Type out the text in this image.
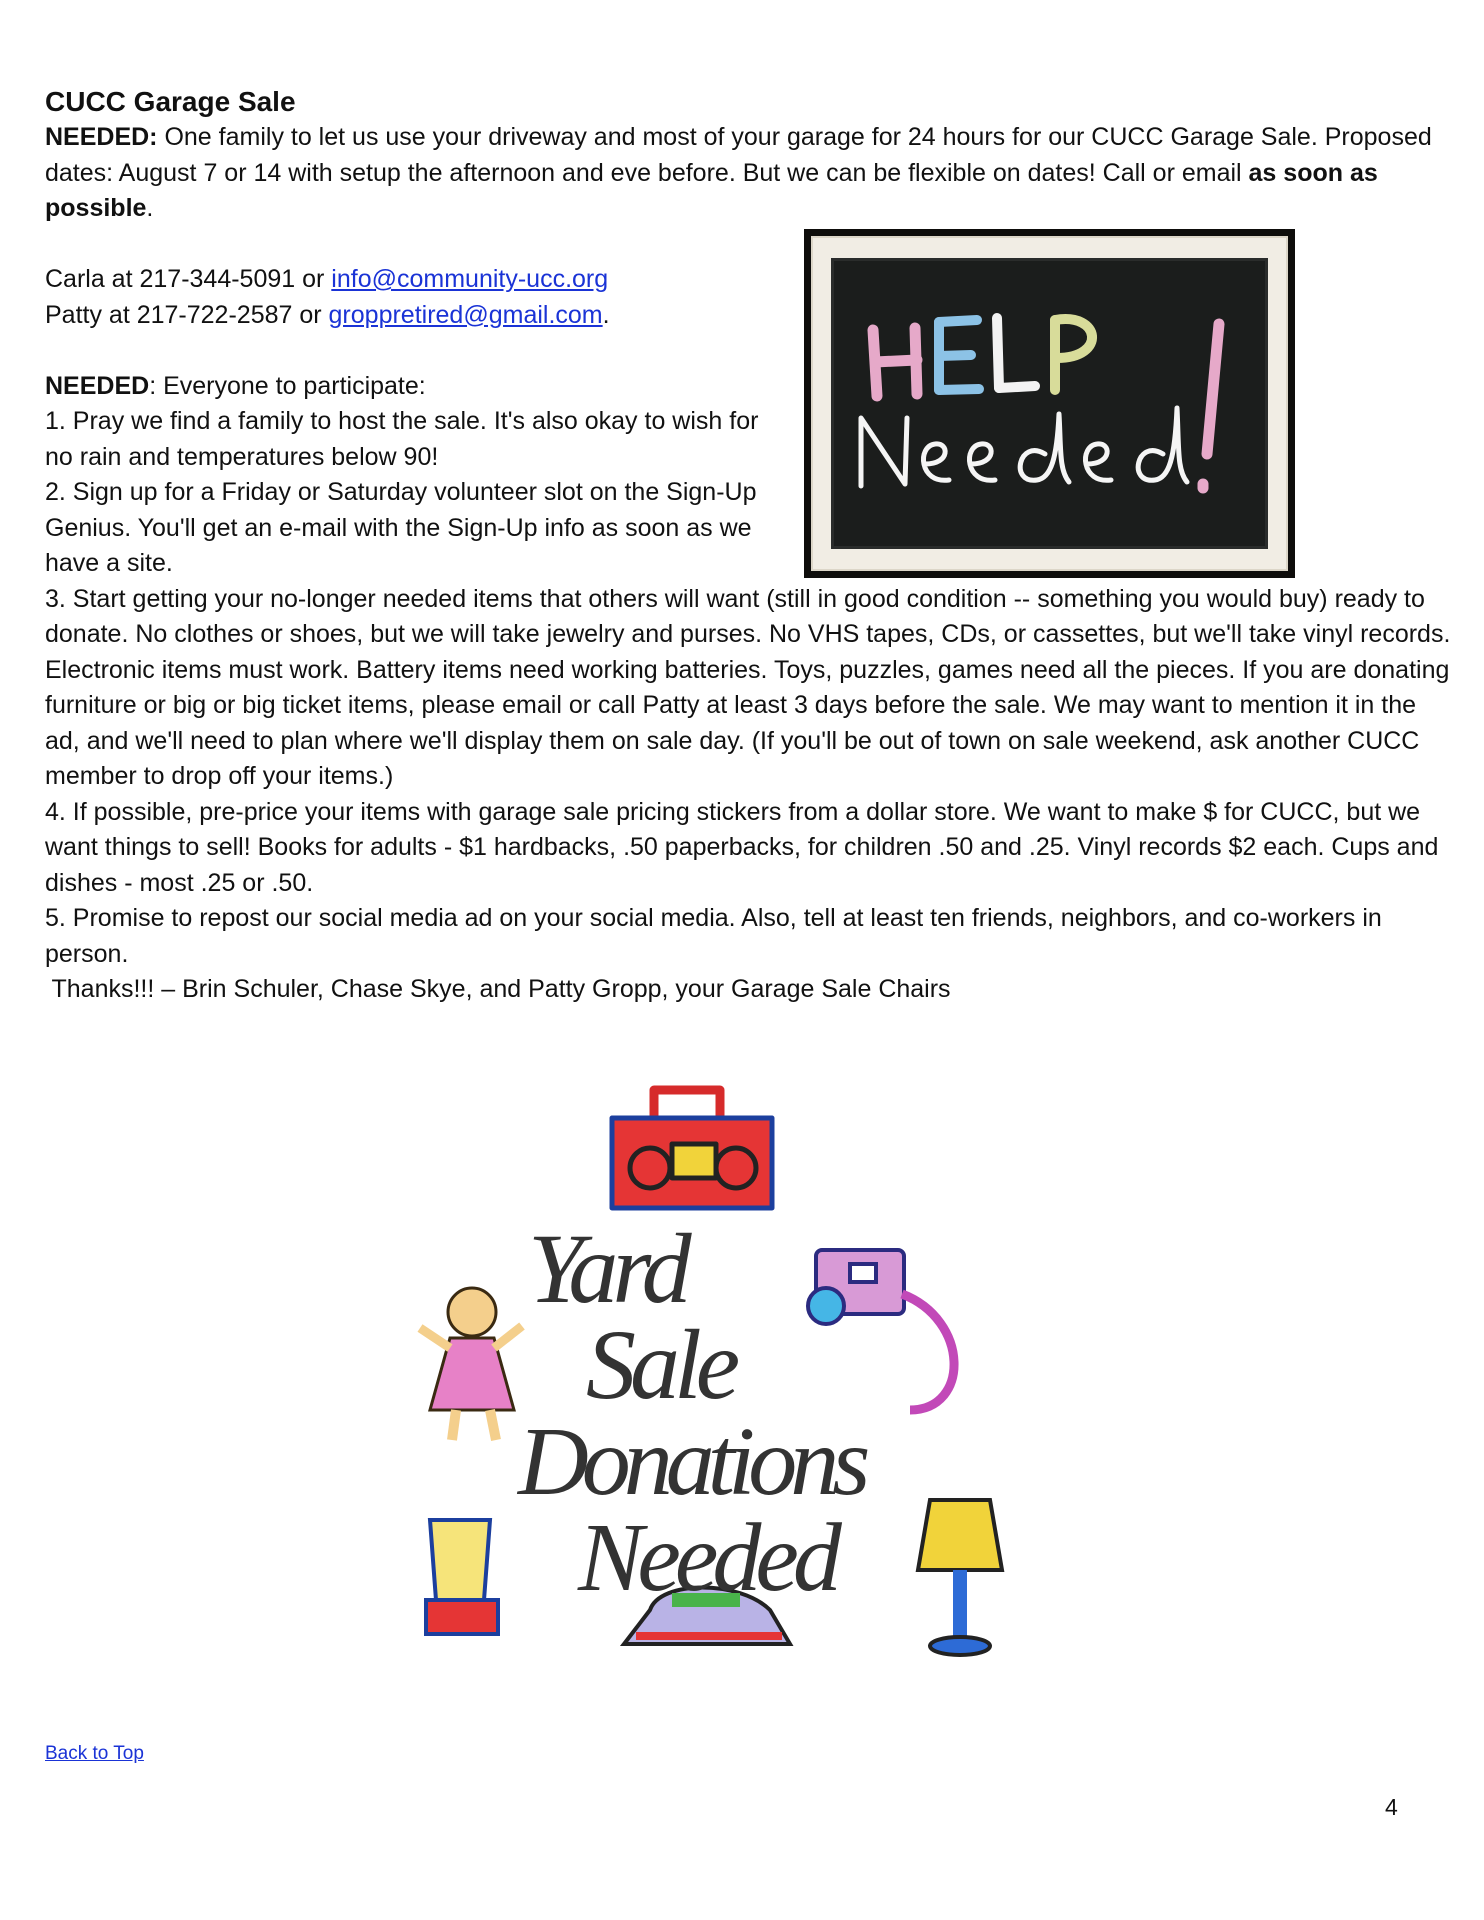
CUCC Garage Sale

NEEDED: One family to let us use your driveway and most of your garage for 24 hours for our CUCC Garage Sale. Proposed dates: August 7 or 14 with setup the afternoon and eve before. But we can be flexible on dates! Call or email as soon as possible.

Carla at 217-344-5091 or info@community-ucc.org

Patty at 217-722-2587 or groppretired@gmail.com.

NEEDED: Everyone to participate:

1. Pray we find a family to host the sale. It's also okay to wish for no rain and temperatures below 90!

2. Sign up for a Friday or Saturday volunteer slot on the Sign-Up Genius. You'll get an e-mail with the Sign-Up info as soon as we have a site.

3. Start getting your no-longer needed items that others will want (still in good condition -- something you would buy) ready to donate. No clothes or shoes, but we will take jewelry and purses. No VHS tapes, CDs, or cassettes, but we'll take vinyl records. Electronic items must work. Battery items need working batteries. Toys, puzzles, games need all the pieces. If you are donating furniture or big or big ticket items, please email or call Patty at least 3 days before the sale. We may want to mention it in the ad, and we'll need to plan where we'll display them on sale day. (If you'll be out of town on sale weekend, ask another CUCC member to drop off your items.)

4. If possible, pre-price your items with garage sale pricing stickers from a dollar store. We want to make $ for CUCC, but we want things to sell! Books for adults - $1 hardbacks, .50 paperbacks, for children .50 and .25. Vinyl records $2 each. Cups and dishes - most .25 or .50.

5. Promise to repost our social media ad on your social media. Also, tell at least ten friends, neighbors, and co-workers in person.

Thanks!!! – Brin Schuler, Chase Skye, and Patty Gropp, your Garage Sale Chairs

Yard
Sale
Donations
Needed
Back to Top
4
